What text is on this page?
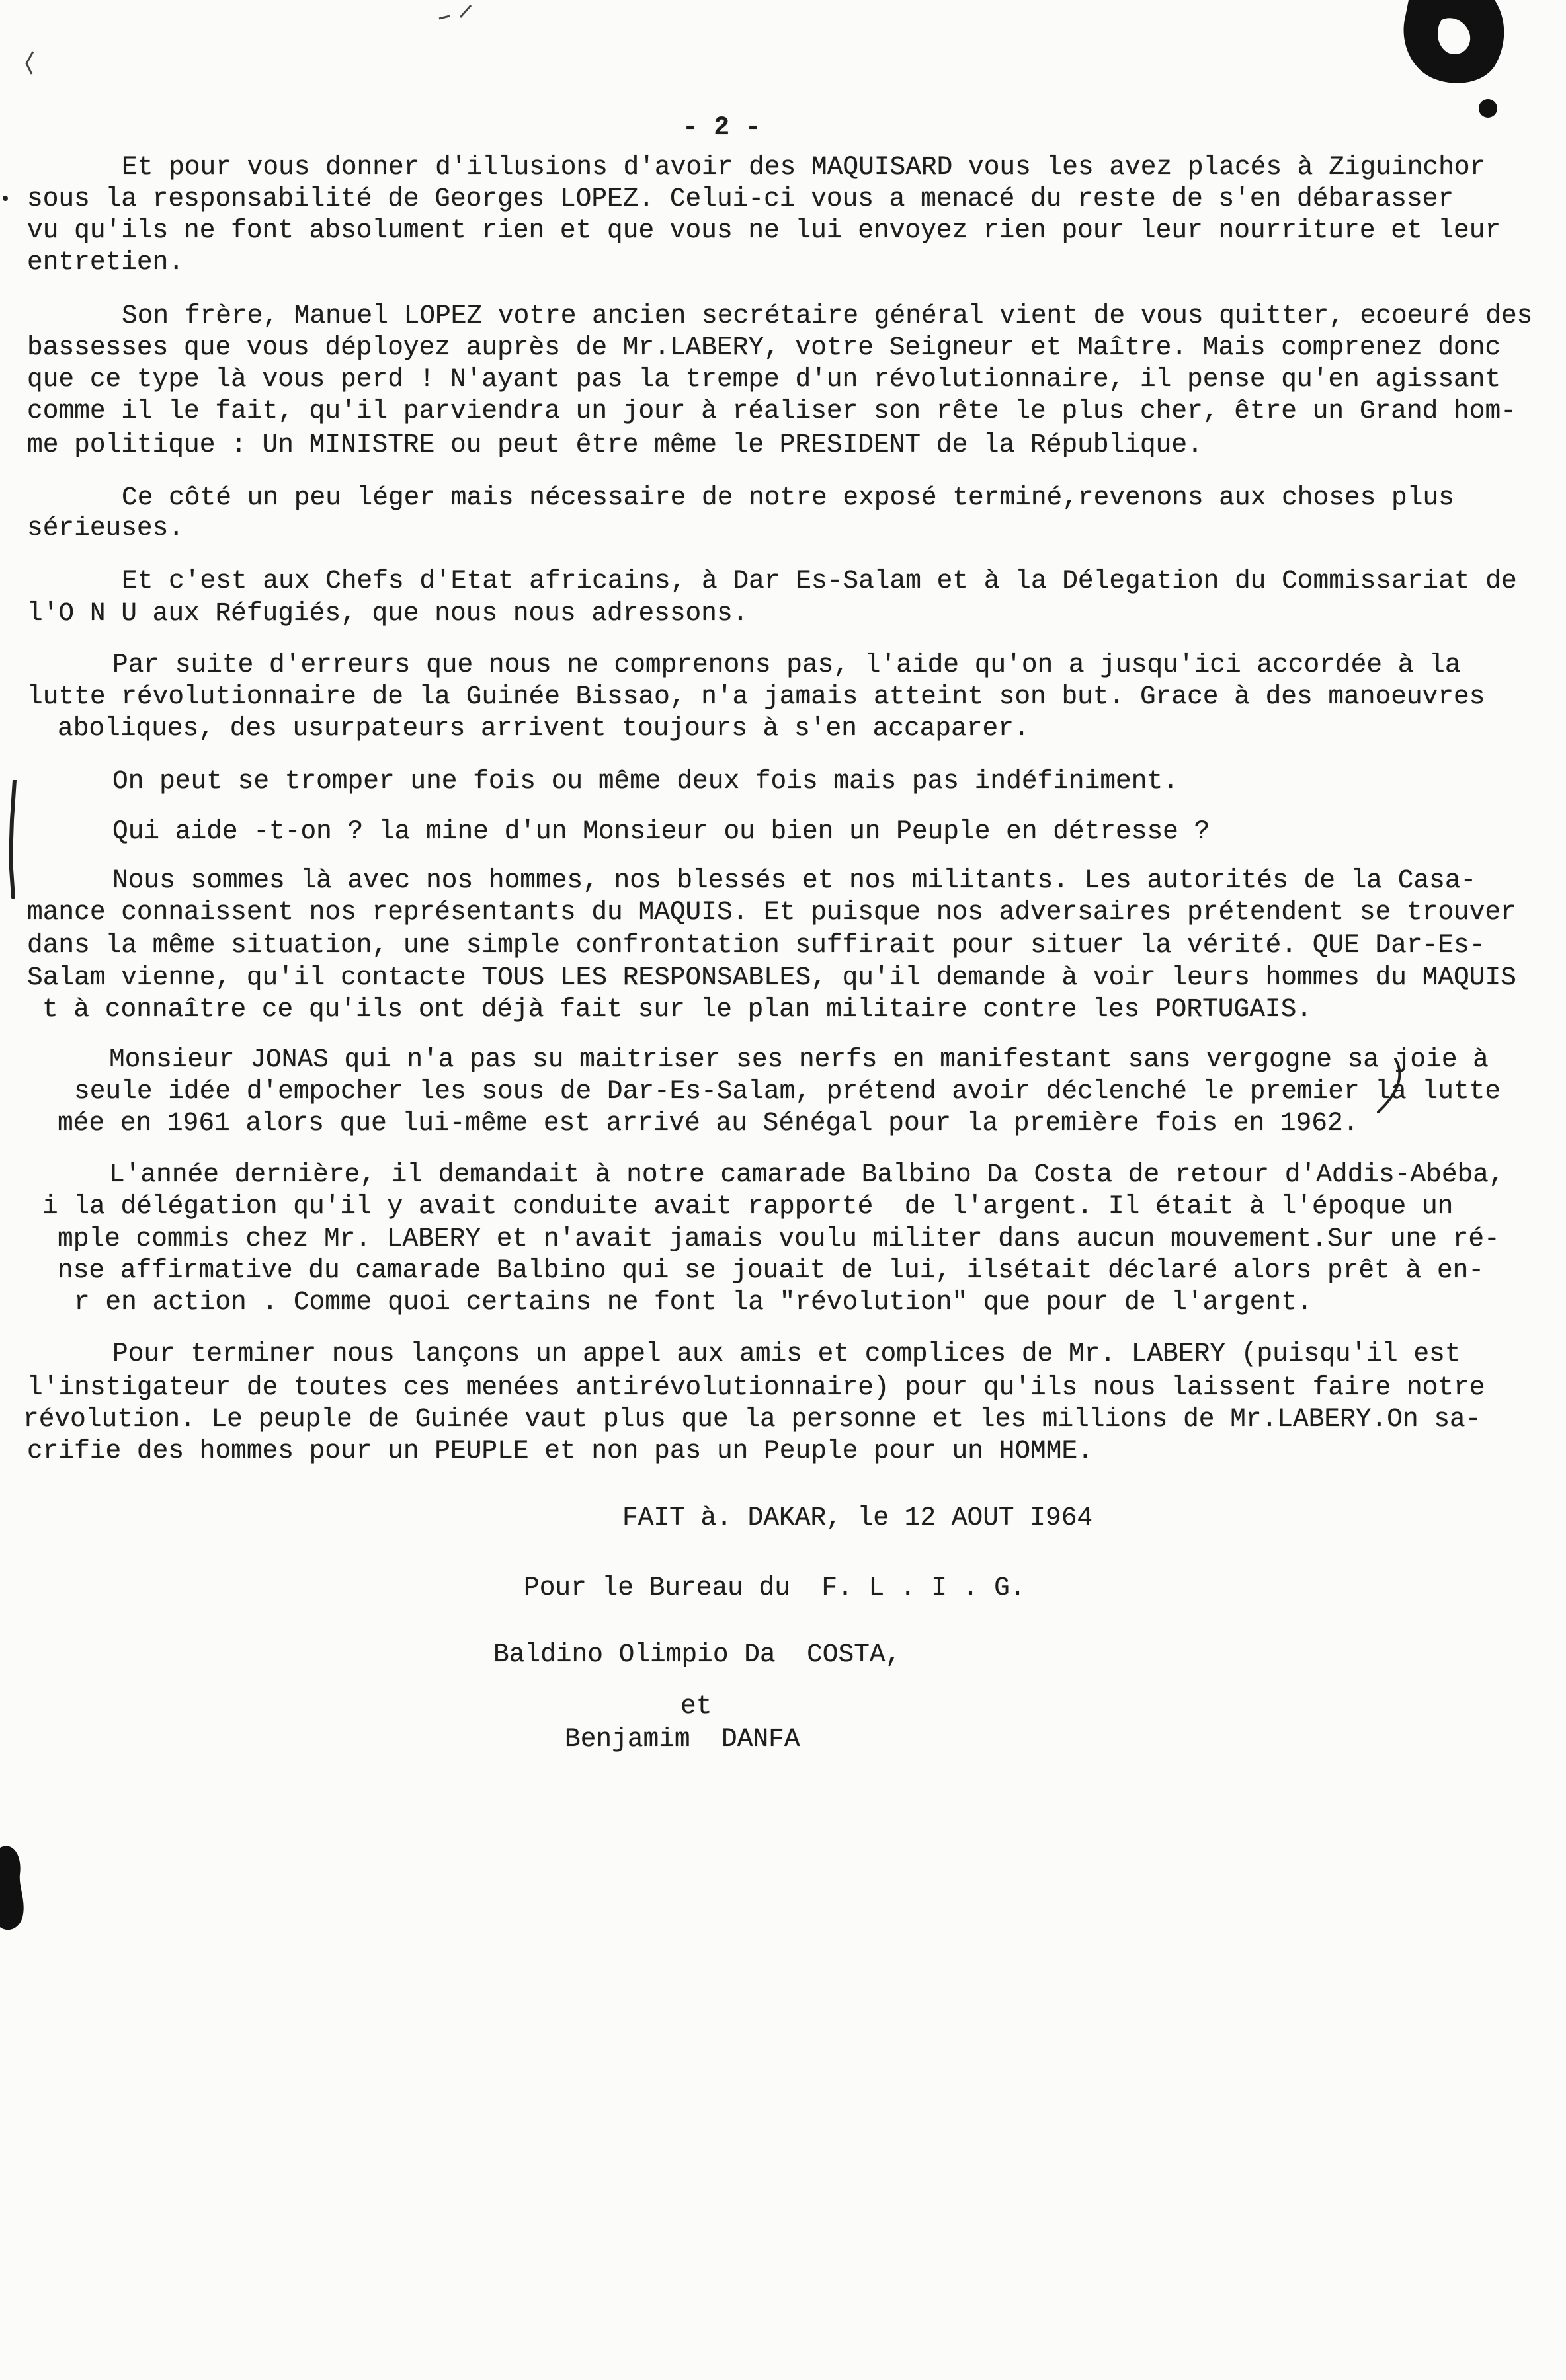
- 2 -
Et pour vous donner d'illusions d'avoir des MAQUISARD vous les avez placés à Ziguinchor
sous la responsabilité de Georges LOPEZ. Celui-ci vous a menacé du reste de s'en débarasser
vu qu'ils ne font absolument rien et que vous ne lui envoyez rien pour leur nourriture et leur
entretien.
Son frère, Manuel LOPEZ votre ancien secrétaire général vient de vous quitter, ecoeuré des
bassesses que vous déployez auprès de Mr.LABERY, votre Seigneur et Maître. Mais comprenez donc
que ce type là vous perd ! N'ayant pas la trempe d'un révolutionnaire, il pense qu'en agissant
comme il le fait, qu'il parviendra un jour à réaliser son rête le plus cher, être un Grand hom-
me politique : Un MINISTRE ou peut être même le PRESIDENT de la République.
Ce côté un peu léger mais nécessaire de notre exposé terminé,revenons aux choses plus
sérieuses.
Et c'est aux Chefs d'Etat africains, à Dar Es-Salam et à la Délegation du Commissariat de
l'O N U aux Réfugiés, que nous nous adressons.
Par suite d'erreurs que nous ne comprenons pas, l'aide qu'on a jusqu'ici accordée à la
lutte révolutionnaire de la Guinée Bissao, n'a jamais atteint son but. Grace à des manoeuvres
aboliques, des usurpateurs arrivent toujours à s'en accaparer.
On peut se tromper une fois ou même deux fois mais pas indéfiniment.
Qui aide -t-on ? la mine d'un Monsieur ou bien un Peuple en détresse ?
Nous sommes là avec nos hommes, nos blessés et nos militants. Les autorités de la Casa-
mance connaissent nos représentants du MAQUIS. Et puisque nos adversaires prétendent se trouver
dans la même situation, une simple confrontation suffirait pour situer la vérité. QUE Dar-Es-
Salam vienne, qu'il contacte TOUS LES RESPONSABLES, qu'il demande à voir leurs hommes du MAQUIS
t à connaître ce qu'ils ont déjà fait sur le plan militaire contre les PORTUGAIS.
Monsieur JONAS qui n'a pas su maitriser ses nerfs en manifestant sans vergogne sa joie à
seule idée d'empocher les sous de Dar-Es-Salam, prétend avoir déclenché le premier la lutte
mée en 1961 alors que lui-même est arrivé au Sénégal pour la première fois en 1962.
L'année dernière, il demandait à notre camarade Balbino Da Costa de retour d'Addis-Abéba,
i la délégation qu'il y avait conduite avait rapporté  de l'argent. Il était à l'époque un
mple commis chez Mr. LABERY et n'avait jamais voulu militer dans aucun mouvement.Sur une ré-
nse affirmative du camarade Balbino qui se jouait de lui, ilsétait déclaré alors prêt à en-
r en action . Comme quoi certains ne font la "révolution" que pour de l'argent.
Pour terminer nous lançons un appel aux amis et complices de Mr. LABERY (puisqu'il est
l'instigateur de toutes ces menées antirévolutionnaire) pour qu'ils nous laissent faire notre
révolution. Le peuple de Guinée vaut plus que la personne et les millions de Mr.LABERY.On sa-
crifie des hommes pour un PEUPLE et non pas un Peuple pour un HOMME.
FAIT à. DAKAR, le 12 AOUT I964
Pour le Bureau du  F. L . I . G.
Baldino Olimpio Da  COSTA,
et
Benjamim  DANFA
